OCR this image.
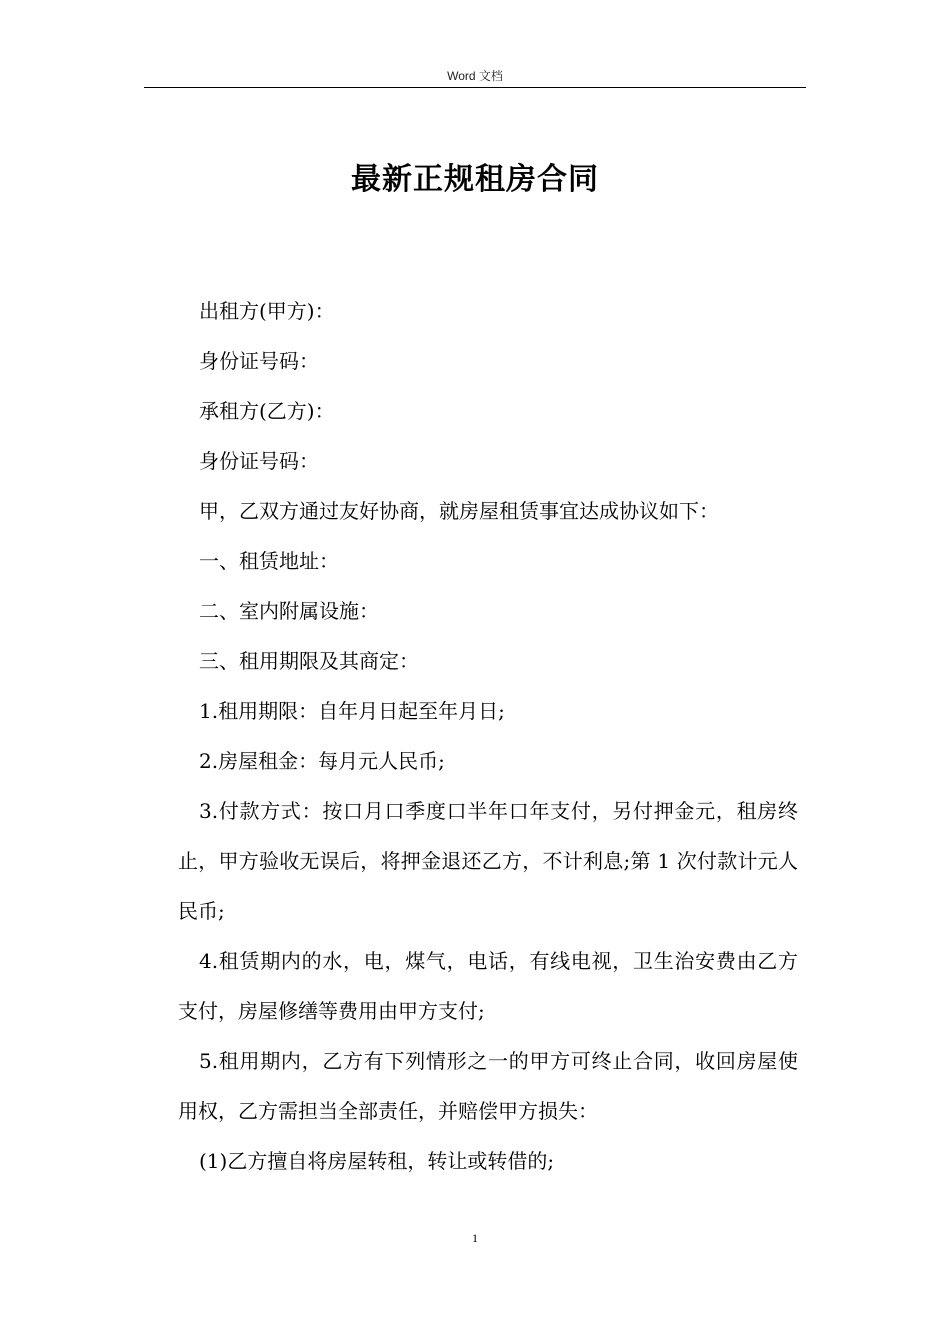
Word 文档
最新正规租房合同

出租方(甲方)：

身份证号码：

承租方(乙方)：

身份证号码：

甲，乙双方通过友好协商，就房屋租赁事宜达成协议如下：

一、租赁地址：

二、室内附属设施：

三、租用期限及其商定：

1.租用期限：自年月日起至年月日;

2.房屋租金：每月元人民币;

3.付款方式：按口月口季度口半年口年支付，另付押金元，租房终止，甲方验收无误后，将押金退还乙方，不计利息;第 1 次付款计元人民币;

4.租赁期内的水，电，煤气，电话，有线电视，卫生治安费由乙方支付，房屋修缮等费用由甲方支付;

5.租用期内，乙方有下列情形之一的甲方可终止合同，收回房屋使用权，乙方需担当全部责任，并赔偿甲方损失：

(1)乙方擅自将房屋转租，转让或转借的;

1
